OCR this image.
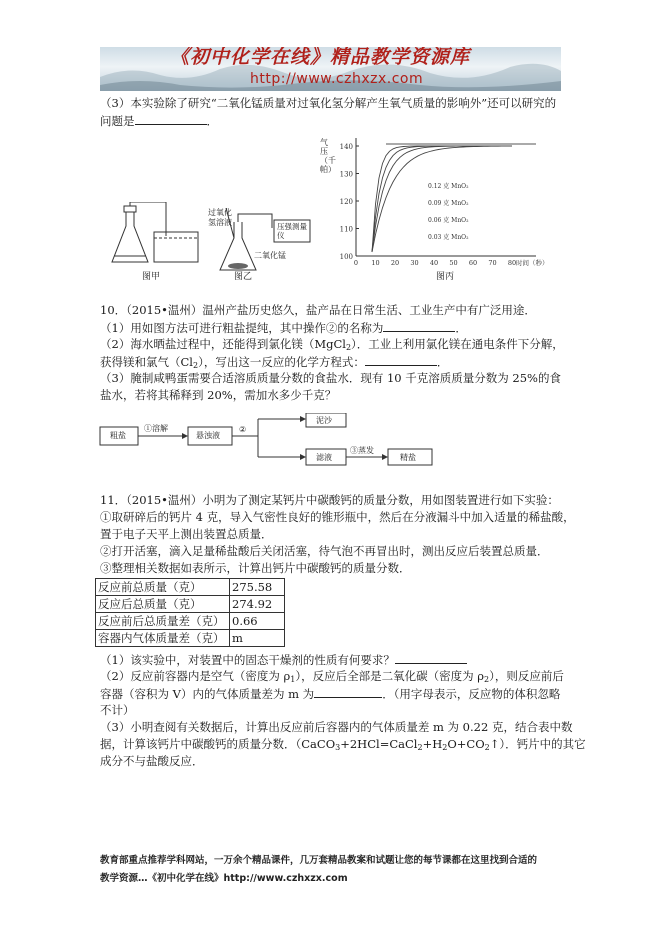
《初中化学在线》精品教学资源库
http://www.czhxzx.com
（3）本实验除了研究“二氧化锰质量对过氧化氢分解产生氧气质量的影响外”还可以研究的
问题是	．
图甲
过氧化氢溶液	压强测量仪
二氧化锰
图乙
气压（千帕）
100
110
120
130
140
0 10 20 30 40 50 60 70 80 时间（秒）
0.12 克 MnO₂
0.09 克 MnO₂
0.06 克 MnO₂
0.03 克 MnO₂
图丙
10．（2015•温州）温州产盐历史悠久，盐产品在日常生活、工业生产中有广泛用途．
（1）用如图方法可进行粗盐提纯，其中操作②的名称为	．
（2）海水晒盐过程中，还能得到氯化镁（MgCl$_2$）．工业上利用氯化镁在通电条件下分解，
获得镁和氯气$(Cl_2)$，写出这一反应的化学方程式：	．
（3）腌制咸鸭蛋需要合适溶质质量分数的食盐水．现有 10 千克溶质质量分数为 25%的食
盐水，若将其稀释到 20%，需加水多少千克？
粗盐
①溶解
悬浊液
②
泥沙
滤液
③蒸发
精盐
11．（2015•温州）小明为了测定某钙片中碳酸钙的质量分数，用如图装置进行如下实验：
①取研碎后的钙片 4 克，导入气密性良好的锥形瓶中，然后在分液漏斗中加入适量的稀盐酸，
置于电子天平上测出装置总质量．
②打开活塞，滴入足量稀盐酸后关闭活塞，待气泡不再冒出时，测出反应后装置总质量．
③整理相关数据如表所示，计算出钙片中碳酸钙的质量分数．
反应前总质量（克）	275.58
反应后总质量（克）	274.92
反应前后总质量差（克）	0.66
容器内气体质量差（克）	m
（1）该实验中，对装置中的固态干燥剂的性质有何要求？
（2）反应前容器内是空气（密度为 $\rho_1$），反应后全部是二氧化碳（密度为 $\rho_2$），则反应前后
容器（容积为 V）内的气体质量差为 m 为	．（用字母表示，反应物的体积忽略
不计）
（3）小明查阅有关数据后，计算出反应前后容器内的气体质量差 m 为 0.22 克，结合表中数
据，计算该钙片中碳酸钙的质量分数．$(CaCO_3+2HCl=CaCl_2+H_2O+CO_2↑)$．钙片中的其它
成分不与盐酸反应．
教育部重点推荐学科网站，一万余个精品课件，几万套精品教案和试题让您的每节课都在这里找到合适的
教学资源…《初中化学在线》http://www.czhxzx.com
